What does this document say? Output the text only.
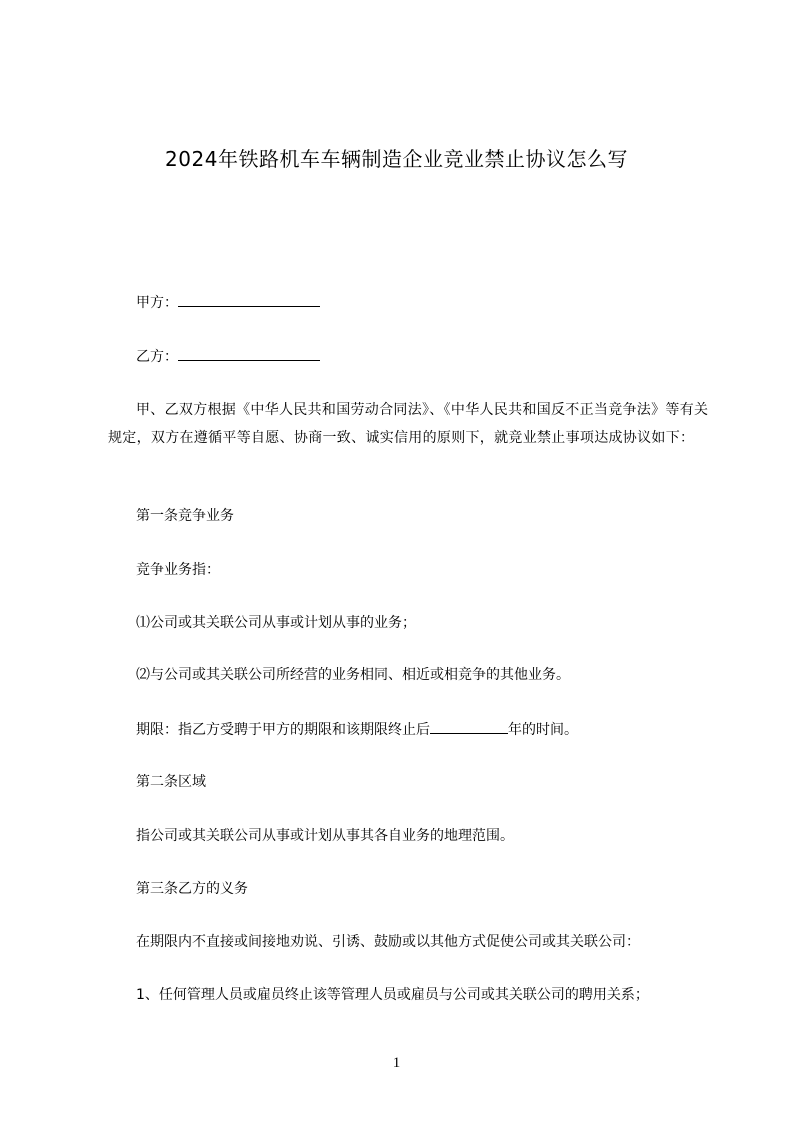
2024年铁路机车车辆制造企业竞业禁止协议怎么写
甲方：
乙方：
甲、乙双方根据《中华人民共和国劳动合同法》、《中华人民共和国反不正当竞争法》等有关规定，双方在遵循平等自愿、协商一致、诚实信用的原则下，就竞业禁止事项达成协议如下：
第一条竞争业务
竞争业务指：
⑴公司或其关联公司从事或计划从事的业务；
⑵与公司或其关联公司所经营的业务相同、相近或相竞争的其他业务。
期限：指乙方受聘于甲方的期限和该期限终止后	年的时间。
第二条区域
指公司或其关联公司从事或计划从事其各自业务的地理范围。
第三条乙方的义务
在期限内不直接或间接地劝说、引诱、鼓励或以其他方式促使公司或其关联公司：
1、任何管理人员或雇员终止该等管理人员或雇员与公司或其关联公司的聘用关系；
1
